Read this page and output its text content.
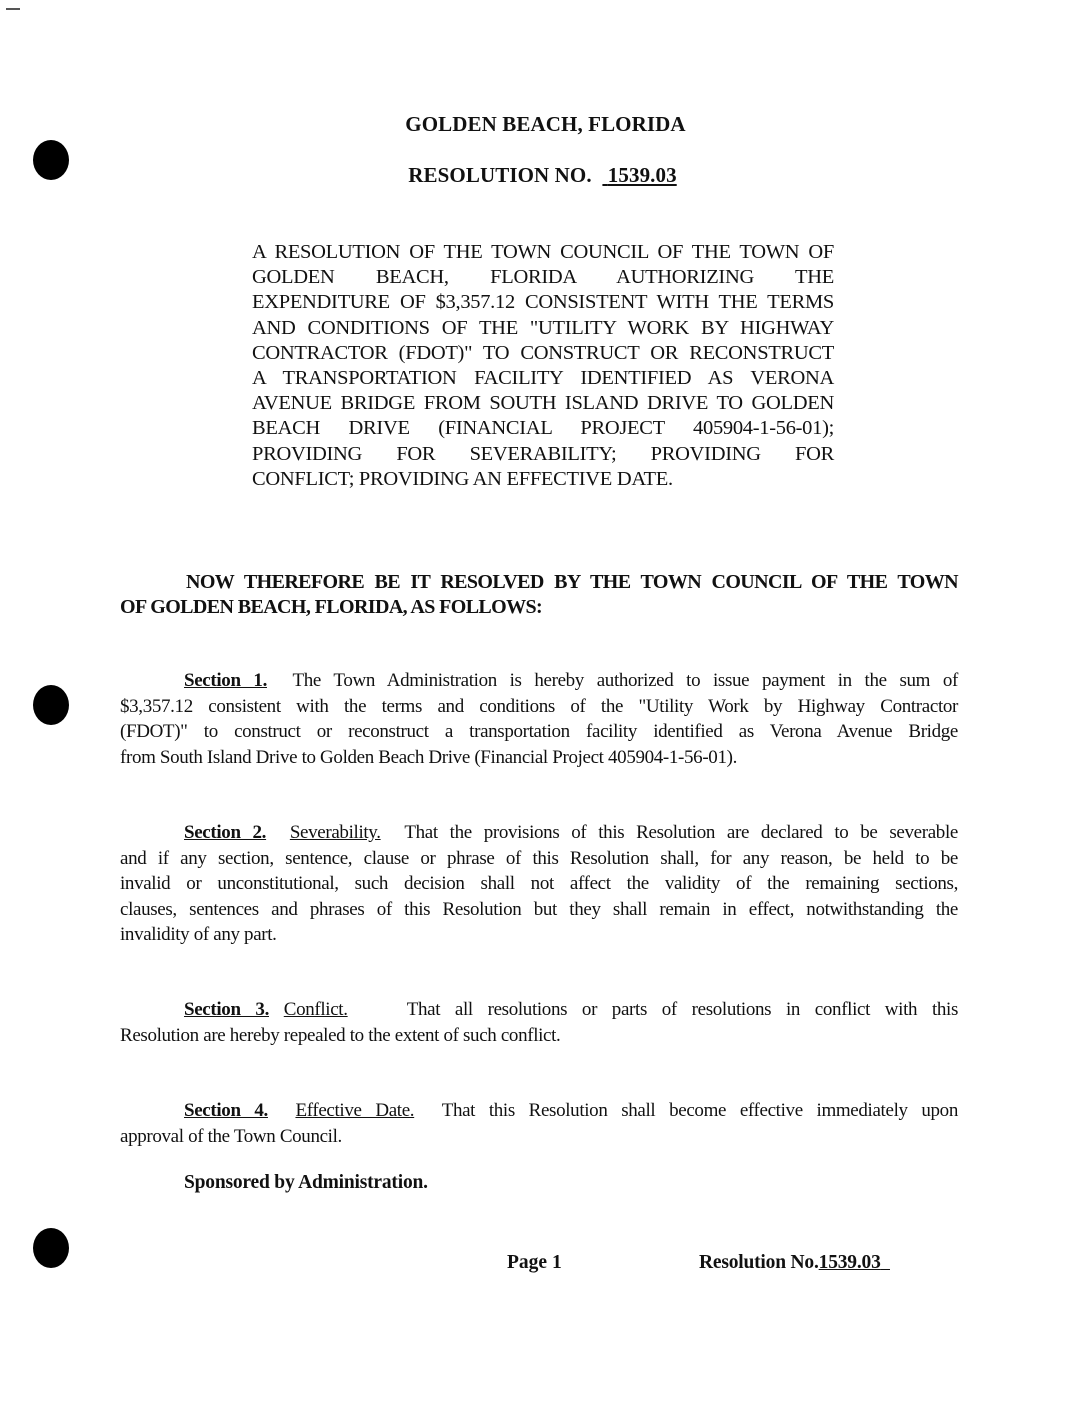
GOLDEN BEACH, FLORIDA
RESOLUTION NO. 1539.03
A RESOLUTION OF THE TOWN COUNCIL OF THE TOWN OF
GOLDEN BEACH, FLORIDA AUTHORIZING THE
EXPENDITURE OF $3,357.12 CONSISTENT WITH THE TERMS
AND CONDITIONS OF THE "UTILITY WORK BY HIGHWAY
CONTRACTOR (FDOT)" TO CONSTRUCT OR RECONSTRUCT
A TRANSPORTATION FACILITY IDENTIFIED AS VERONA
AVENUE BRIDGE FROM SOUTH ISLAND DRIVE TO GOLDEN
BEACH DRIVE (FINANCIAL PROJECT 405904-1-56-01);
PROVIDING FOR SEVERABILITY; PROVIDING FOR
CONFLICT; PROVIDING AN EFFECTIVE DATE.
NOW THEREFORE BE IT RESOLVED BY THE TOWN COUNCIL OF THE TOWN
OF GOLDEN BEACH, FLORIDA, AS FOLLOWS:
Section 1. The Town Administration is hereby authorized to issue payment in the sum of
$3,357.12 consistent with the terms and conditions of the "Utility Work by Highway Contractor
(FDOT)" to construct or reconstruct a transportation facility identified as Verona Avenue Bridge
from South Island Drive to Golden Beach Drive (Financial Project 405904-1-56-01).
Section 2. Severability. That the provisions of this Resolution are declared to be severable
and if any section, sentence, clause or phrase of this Resolution shall, for any reason, be held to be
invalid or unconstitutional, such decision shall not affect the validity of the remaining sections,
clauses, sentences and phrases of this Resolution but they shall remain in effect, notwithstanding the
invalidity of any part.
Section 3. Conflict.	That all resolutions or parts of resolutions in conflict with this
Resolution are hereby repealed to the extent of such conflict.
Section 4. Effective Date. That this Resolution shall become effective immediately upon
approval of the Town Council.
Sponsored by Administration.
Page 1	Resolution No.1539.03
